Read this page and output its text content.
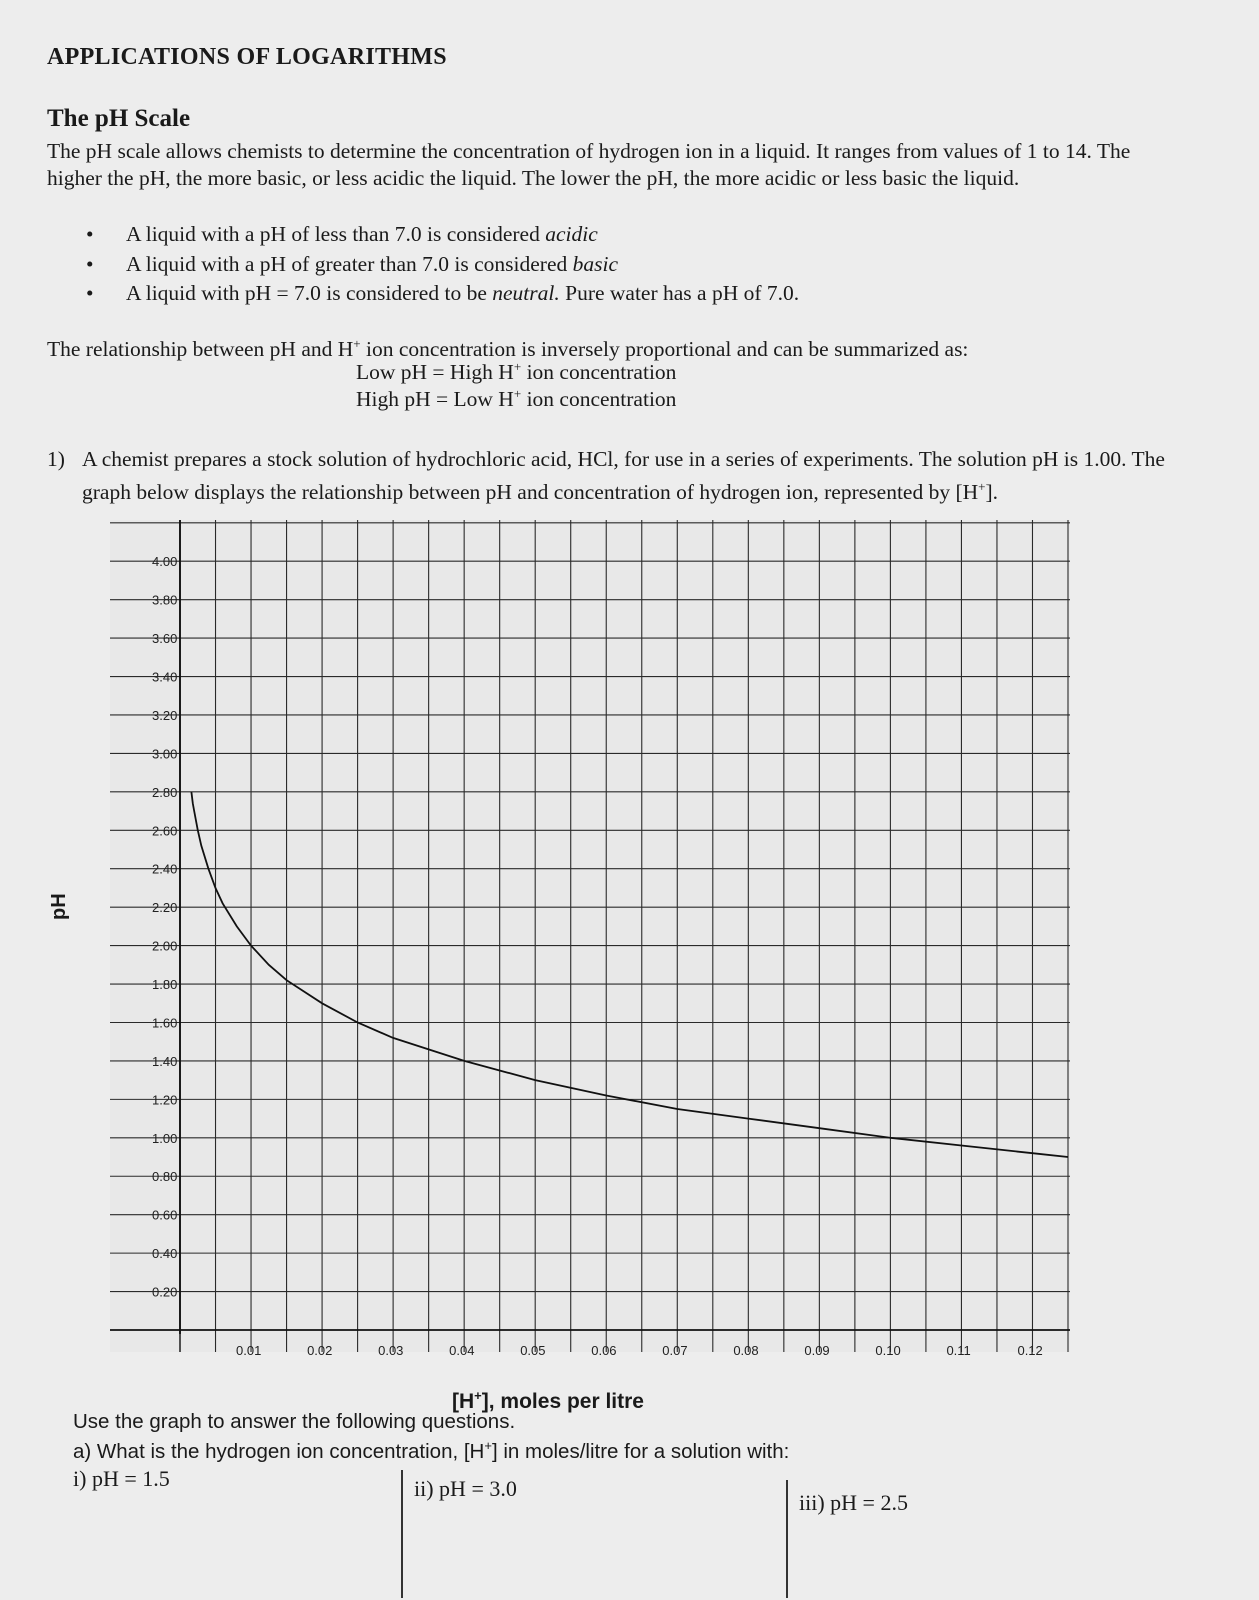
APPLICATIONS OF LOGARITHMS
The pH Scale
The pH scale allows chemists to determine the concentration of hydrogen ion in a liquid. It ranges from values of 1 to 14. The higher the pH, the more basic, or less acidic the liquid. The lower the pH, the more acidic or less basic the liquid.
• A liquid with a pH of less than 7.0 is considered acidic
• A liquid with a pH of greater than 7.0 is considered basic
• A liquid with pH = 7.0 is considered to be neutral. Pure water has a pH of 7.0.
The relationship between pH and H+ ion concentration is inversely proportional and can be summarized as:
Low pH = High H+ ion concentration
High pH = Low H+ ion concentration
1) A chemist prepares a stock solution of hydrochloric acid, HCl, for use in a series of experiments. The solution pH is 1.00. The graph below displays the relationship between pH and concentration of hydrogen ion, represented by [H+].
4.00
3.80
3.60
3.40
3.20
3.00
2.80
2.60
2.40
2.20
2.00
1.80
1.60
1.40
1.20
1.00
0.80
0.60
0.40
0.20
0.01	0.02	0.03	0.04	0.05	0.06	0.07	0.08	0.09	0.10	0.11	0.12
pH
[H+], moles per litre
Use the graph to answer the following questions.
a) What is the hydrogen ion concentration, [H+] in moles/litre for a solution with:
i) pH = 1.5	ii) pH = 3.0
iii) pH = 2.5
